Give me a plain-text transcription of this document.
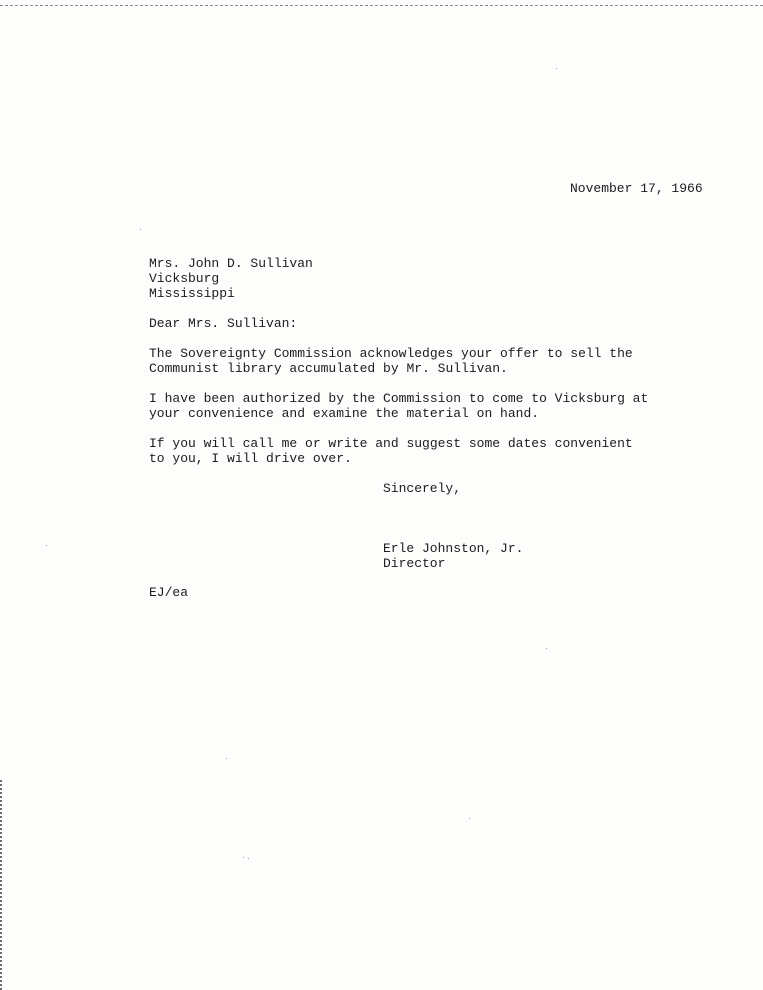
November 17, 1966
Mrs. John D. Sullivan
Vicksburg
Mississippi
Dear Mrs. Sullivan:
The Sovereignty Commission acknowledges your offer to sell the
Communist library accumulated by Mr. Sullivan.
I have been authorized by the Commission to come to Vicksburg at
your convenience and examine the material on hand.
If you will call me or write and suggest some dates convenient
to you, I will drive over.
Sincerely,
Erle Johnston, Jr.
Director
EJ/ea
